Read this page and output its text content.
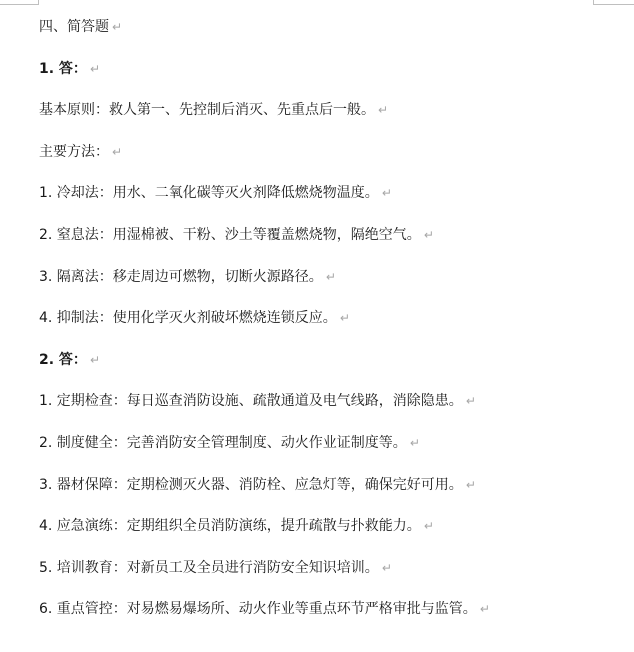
四、简答题 ↵
1. 答： ↵
基本原则：救人第一、先控制后消灭、先重点后一般。 ↵
主要方法： ↵
1. 冷却法：用水、二氧化碳等灭火剂降低燃烧物温度。 ↵
2. 窒息法：用湿棉被、干粉、沙土等覆盖燃烧物，隔绝空气。 ↵
3. 隔离法：移走周边可燃物，切断火源路径。 ↵
4. 抑制法：使用化学灭火剂破坏燃烧连锁反应。 ↵
2. 答： ↵
1. 定期检查：每日巡查消防设施、疏散通道及电气线路，消除隐患。 ↵
2. 制度健全：完善消防安全管理制度、动火作业证制度等。 ↵
3. 器材保障：定期检测灭火器、消防栓、应急灯等，确保完好可用。 ↵
4. 应急演练：定期组织全员消防演练，提升疏散与扑救能力。 ↵
5. 培训教育：对新员工及全员进行消防安全知识培训。 ↵
6. 重点管控：对易燃易爆场所、动火作业等重点环节严格审批与监管。 ↵
